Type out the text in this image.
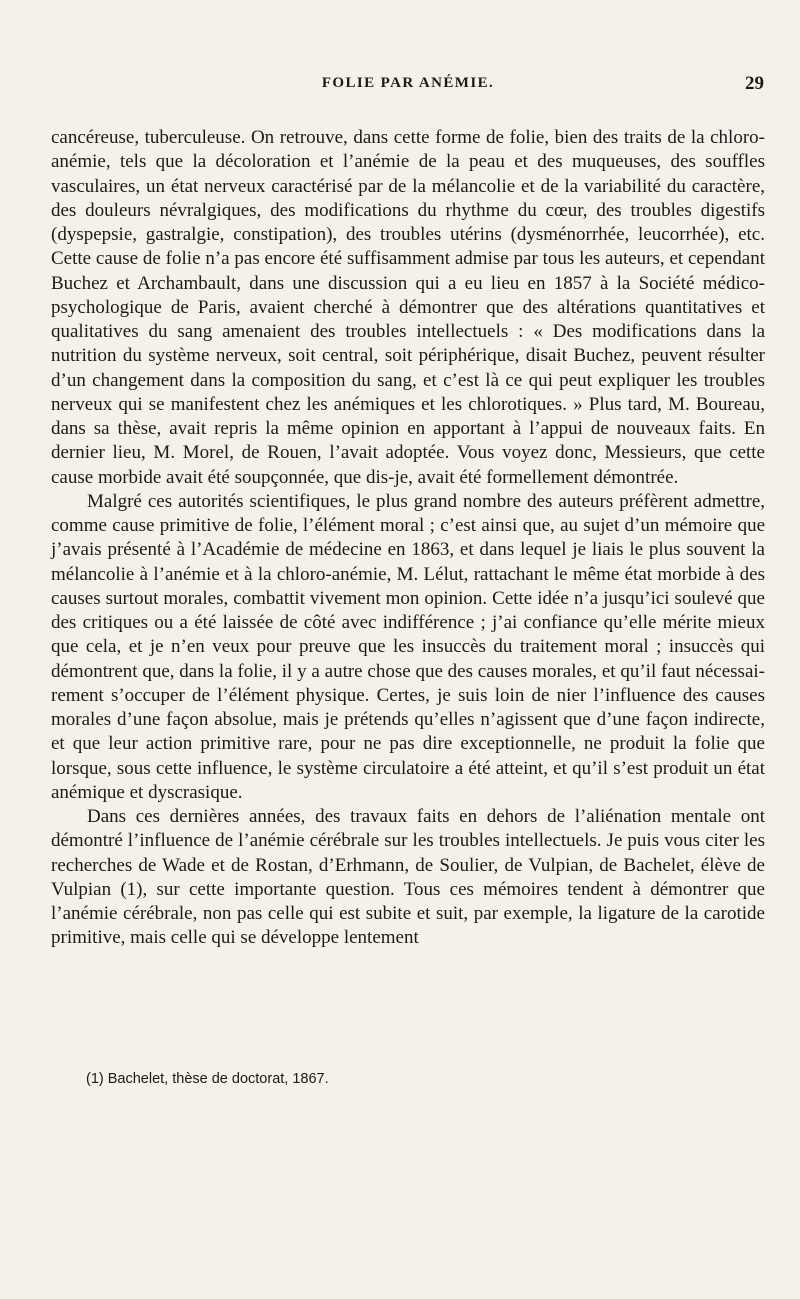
FOLIE PAR ANÉMIE.	29

cancéreuse, tuberculeuse. On retrouve, dans cette forme de folie, bien des traits de la chloro-anémie, tels que la décoloration et l’anémie de la peau et des muqueuses, des souffles vasculaires, un état nerveux caractérisé par de la mélancolie et de la variabilité du caractère, des douleurs névralgiques, des modifications du rhythme du cœur, des troubles digestifs (dyspepsie, gastralgie, constipation), des troubles utérins (dysménorrhée, leucorrhée), etc. Cette cause de folie n’a pas encore été suffisamment admise par tous les auteurs, et cependant Buchez et Archambault, dans une discussion qui a eu lieu en 1857 à la Société médico-psychologique de Paris, avaient cherché à démontrer que des altérations quantitatives et qualitatives du sang amenaient des troubles intellectuels : « Des modifications dans la nutrition du système nerveux, soit central, soit périphérique, disait Buchez, peuvent résulter d’un changement dans la composition du sang, et c’est là ce qui peut expliquer les troubles nerveux qui se manifestent chez les anémiques et les chlorotiques. » Plus tard, M. Boureau, dans sa thèse, avait repris la même opinion en apportant à l’appui de nouveaux faits. En dernier lieu, M. Morel, de Rouen, l’avait adoptée. Vous voyez donc, Messieurs, que cette cause morbide avait été soupçonnée, que dis-je, avait été formellement démontrée.

Malgré ces autorités scientifiques, le plus grand nombre des auteurs préfèrent admettre, comme cause primitive de folie, l’élément moral ; c’est ainsi que, au sujet d’un mémoire que j’avais présenté à l’Académie de médecine en 1863, et dans lequel je liais le plus souvent la mélancolie à l’anémie et à la chloro-anémie, M. Lélut, rattachant le même état morbide à des causes surtout morales, combattit vivement mon opinion. Cette idée n’a jusqu’ici soulevé que des critiques ou a été laissée de côté avec indifférence ; j’ai confiance qu’elle mérite mieux que cela, et je n’en veux pour preuve que les insuccès du traitement moral ; insuccès qui démontrent que, dans la folie, il y a autre chose que des causes morales, et qu’il faut nécessairement s’occuper de l’élément physique. Certes, je suis loin de nier l’influence des causes morales d’une façon absolue, mais je prétends qu’elles n’agissent que d’une façon indirecte, et que leur action primitive rare, pour ne pas dire exceptionnelle, ne produit la folie que lorsque, sous cette influence, le système circulatoire a été atteint, et qu’il s’est produit un état anémique et dyscrasique.

Dans ces dernières années, des travaux faits en dehors de l’aliénation mentale ont démontré l’influence de l’anémie cérébrale sur les troubles intellectuels. Je puis vous citer les recherches de Wade et de Rostan, d’Erhmann, de Soulier, de Vulpian, de Bachelet, élève de Vulpian (1), sur cette importante question. Tous ces mémoires tendent à démontrer que l’anémie cérébrale, non pas celle qui est subite et suit, par exemple, la ligature de la carotide primitive, mais celle qui se développe lentement

(1) Bachelet, thèse de doctorat, 1867.
